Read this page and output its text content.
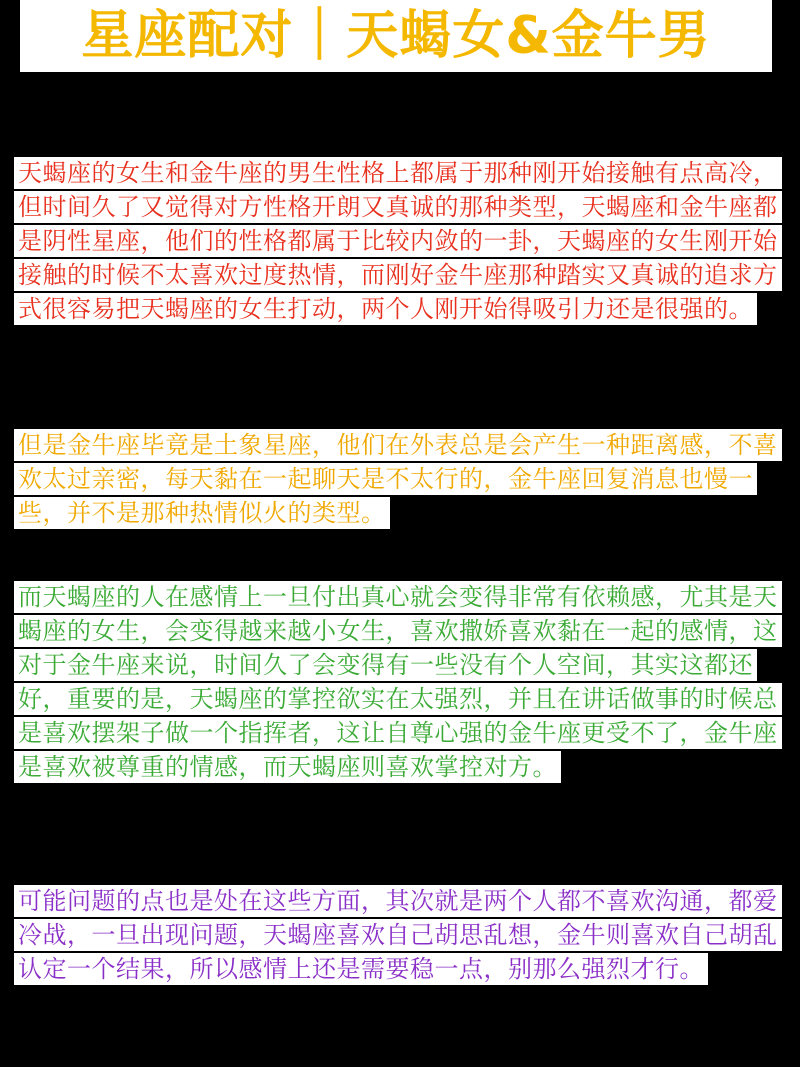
星座配对｜天蝎女&金牛男

天蝎座的女生和金牛座的男生性格上都属于那种刚开始接触有点高冷，但时间久了又觉得对方性格开朗又真诚的那种类型，天蝎座和金牛座都是阴性星座，他们的性格都属于比较内敛的一卦，天蝎座的女生刚开始接触的时候不太喜欢过度热情，而刚好金牛座那种踏实又真诚的追求方式很容易把天蝎座的女生打动，两个人刚开始得吸引力还是很强的。

但是金牛座毕竟是土象星座，他们在外表总是会产生一种距离感，不喜欢太过亲密，每天黏在一起聊天是不太行的，金牛座回复消息也慢一些，并不是那种热情似火的类型。

而天蝎座的人在感情上一旦付出真心就会变得非常有依赖感，尤其是天蝎座的女生，会变得越来越小女生，喜欢撒娇喜欢黏在一起的感情，这对于金牛座来说，时间久了会变得有一些没有个人空间，其实这都还好，重要的是，天蝎座的掌控欲实在太强烈，并且在讲话做事的时候总是喜欢摆架子做一个指挥者，这让自尊心强的金牛座更受不了，金牛座是喜欢被尊重的情感，而天蝎座则喜欢掌控对方。

可能问题的点也是处在这些方面，其次就是两个人都不喜欢沟通，都爱冷战，一旦出现问题，天蝎座喜欢自己胡思乱想，金牛则喜欢自己胡乱认定一个结果，所以感情上还是需要稳一点，别那么强烈才行。
